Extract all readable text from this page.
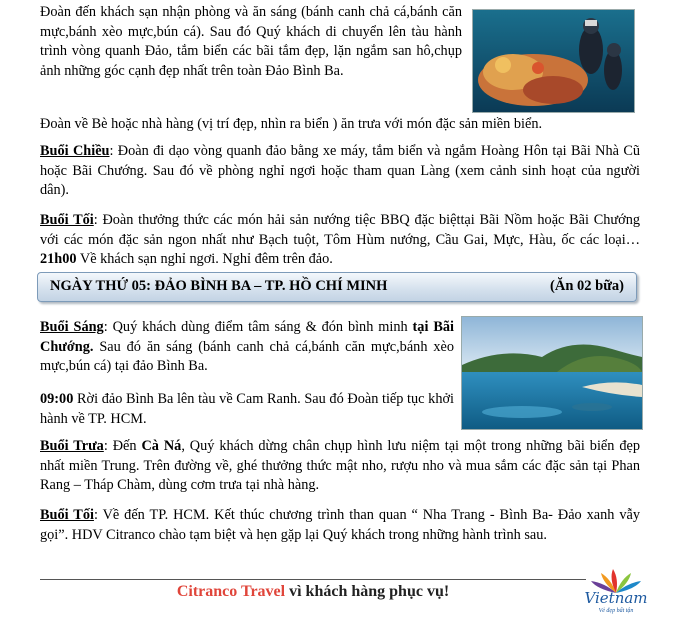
Đoàn đến khách sạn nhận phòng và ăn sáng (bánh canh chả cá,bánh căn mực,bánh xèo mực,bún cá). Sau đó Quý khách di chuyển lên tàu hành trình vòng quanh Đảo, tắm biển các bãi tắm đẹp, lặn ngắm san hô,chụp ảnh những góc cạnh đẹp nhất trên toàn Đảo Bình Ba.
Đoàn về Bè hoặc nhà hàng (vị trí đẹp, nhìn ra biển ) ăn trưa với món đặc sản miền biển.
Buổi Chiều: Đoàn đi dạo vòng quanh đảo bằng xe máy, tắm biển và ngắm Hoàng Hôn tại Bãi Nhà Cũ hoặc Bãi Chướng. Sau đó về phòng nghỉ ngơi hoặc tham quan Làng (xem cảnh sinh hoạt của người dân).
Buổi Tối: Đoàn thưởng thức các món hải sản nướng tiệc BBQ đặc biệttại Bãi Nồm hoặc Bãi Chướng với các món đặc sản ngon nhất như Bạch tuột, Tôm Hùm nướng, Cầu Gai, Mực, Hàu, ốc các loại… 21h00 Về khách sạn nghỉ ngơi. Nghỉ đêm trên đảo.
NGÀY THỨ 05: ĐẢO BÌNH BA – TP. HỒ CHÍ MINH	(Ăn 02 bữa)
Buổi Sáng: Quý khách dùng điểm tâm sáng & đón bình minh tại Bãi Chướng. Sau đó ăn sáng (bánh canh chả cá,bánh căn mực,bánh xèo mực,bún cá) tại đảo Bình Ba.
09:00 Rời đảo Bình Ba lên tàu về Cam Ranh. Sau đó Đoàn tiếp tục khởi hành về TP. HCM.
Buổi Trưa: Đến Cà Ná, Quý khách dừng chân chụp hình lưu niệm tại một trong những bãi biển đẹp nhất miền Trung. Trên đường về, ghé thưởng thức mật nho, rượu nho và mua sắm các đặc sản tại Phan Rang – Tháp Chàm, dùng cơm trưa tại nhà hàng.
Buổi Tối: Về đến TP. HCM. Kết thúc chương trình than quan “ Nha Trang - Bình Ba- Đảo xanh vẫy gọi”. HDV Citranco chào tạm biệt và hẹn gặp lại Quý khách trong những hành trình sau.
Citranco Travel vì khách hàng phục vụ!	Vietnam
Vẻ đẹp bất tận
